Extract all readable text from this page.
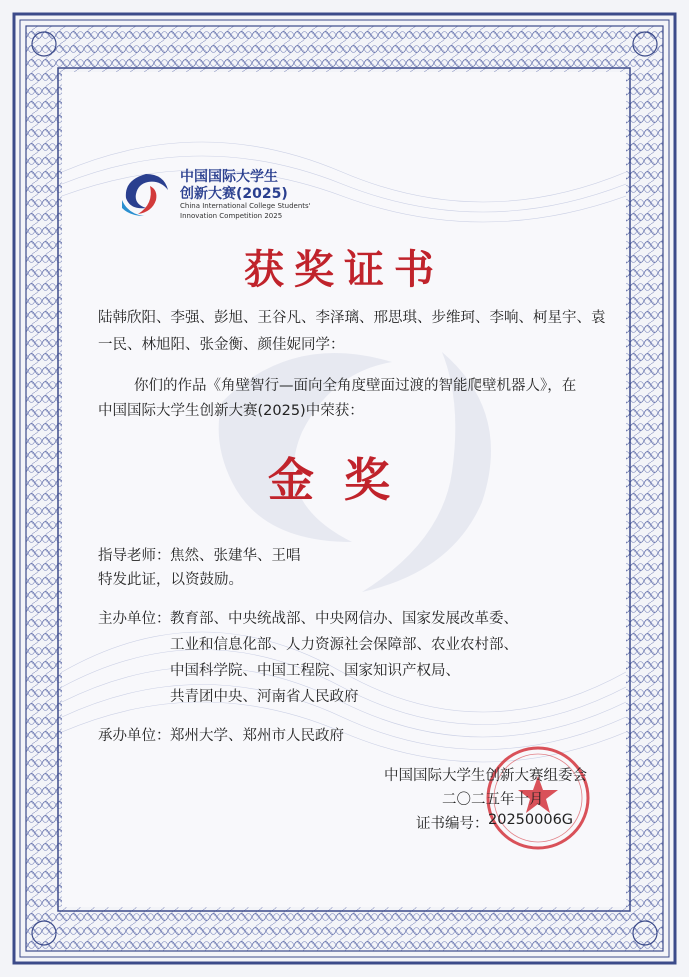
中国国际大学生
创新大赛(2025)
China International College Students'
Innovation Competition 2025
获奖证书
陆韩欣阳、李强、彭旭、王谷凡、李泽璃、邢思琪、步维珂、李响、柯星宇、袁
一民、林旭阳、张金衡、颜佳妮同学：
你们的作品《角壁智行—面向全角度壁面过渡的智能爬壁机器人》，在
中国国际大学生创新大赛(2025)中荣获：
金奖
指导老师： 焦然、张建华、王唱
特发此证，以资鼓励。
主办单位： 教育部、中央统战部、中央网信办、国家发展改革委、
工业和信息化部、人力资源社会保障部、农业农村部、
中国科学院、中国工程院、国家知识产权局、
共青团中央、河南省人民政府
承办单位： 郑州大学、郑州市人民政府
中国国际大学生创新大赛组委会
二〇二五年十月
证书编号： 20250006G
